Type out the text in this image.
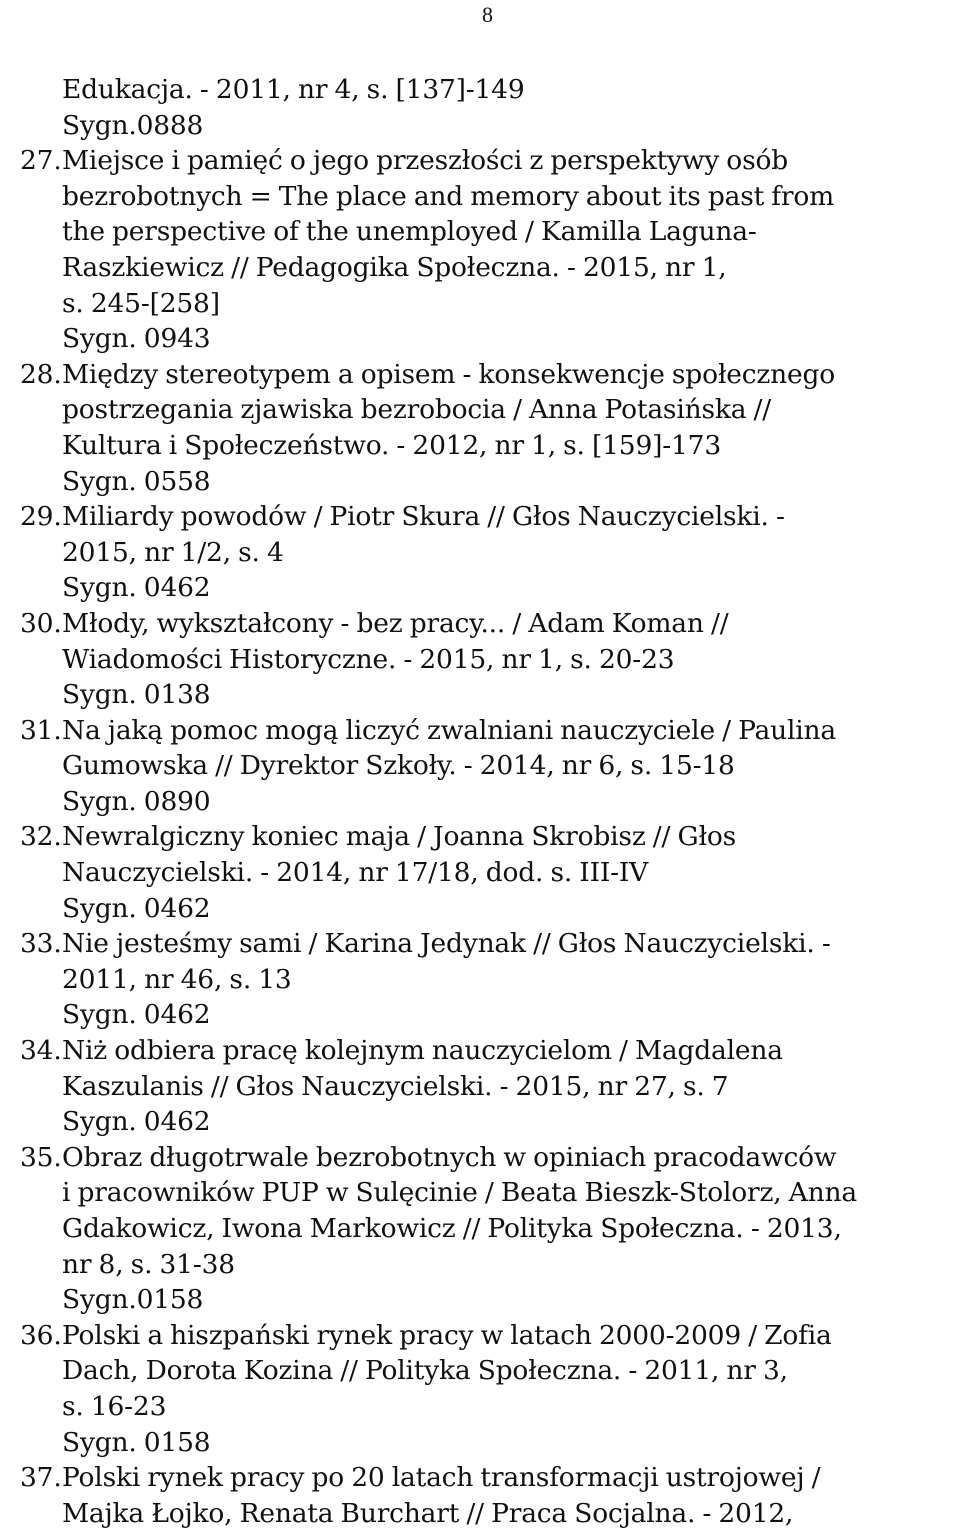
8
Edukacja. - 2011, nr 4, s. [137]-149
Sygn.0888
27. Miejsce i pamięć o jego przeszłości z perspektywy osób
bezrobotnych = The place and memory about its past from
the perspective of the unemployed / Kamilla Laguna-
Raszkiewicz // Pedagogika Społeczna. - 2015, nr 1,
s. 245-[258]
Sygn. 0943
28. Między stereotypem a opisem - konsekwencje społecznego
postrzegania zjawiska bezrobocia / Anna Potasińska //
Kultura i Społeczeństwo. - 2012, nr 1, s. [159]-173
Sygn. 0558
29. Miliardy powodów / Piotr Skura // Głos Nauczycielski. -
2015, nr 1/2, s. 4
Sygn. 0462
30. Młody, wykształcony - bez pracy... / Adam Koman //
Wiadomości Historyczne. - 2015, nr 1, s. 20-23
Sygn. 0138
31. Na jaką pomoc mogą liczyć zwalniani nauczyciele / Paulina
Gumowska // Dyrektor Szkoły. - 2014, nr 6, s. 15-18
Sygn. 0890
32. Newralgiczny koniec maja / Joanna Skrobisz // Głos
Nauczycielski. - 2014, nr 17/18, dod. s. III-IV
Sygn. 0462
33. Nie jesteśmy sami / Karina Jedynak // Głos Nauczycielski. -
2011, nr 46, s. 13
Sygn. 0462
34. Niż odbiera pracę kolejnym nauczycielom / Magdalena
Kaszulanis // Głos Nauczycielski. - 2015, nr 27, s. 7
Sygn. 0462
35. Obraz długotrwale bezrobotnych w opiniach pracodawców
i pracowników PUP w Sulęcinie / Beata Bieszk-Stolorz, Anna
Gdakowicz, Iwona Markowicz // Polityka Społeczna. - 2013,
nr 8, s. 31-38
Sygn.0158
36. Polski a hiszpański rynek pracy w latach 2000-2009 / Zofia
Dach, Dorota Kozina // Polityka Społeczna. - 2011, nr 3,
s. 16-23
Sygn. 0158
37. Polski rynek pracy po 20 latach transformacji ustrojowej /
Majka Łojko, Renata Burchart // Praca Socjalna. - 2012,
